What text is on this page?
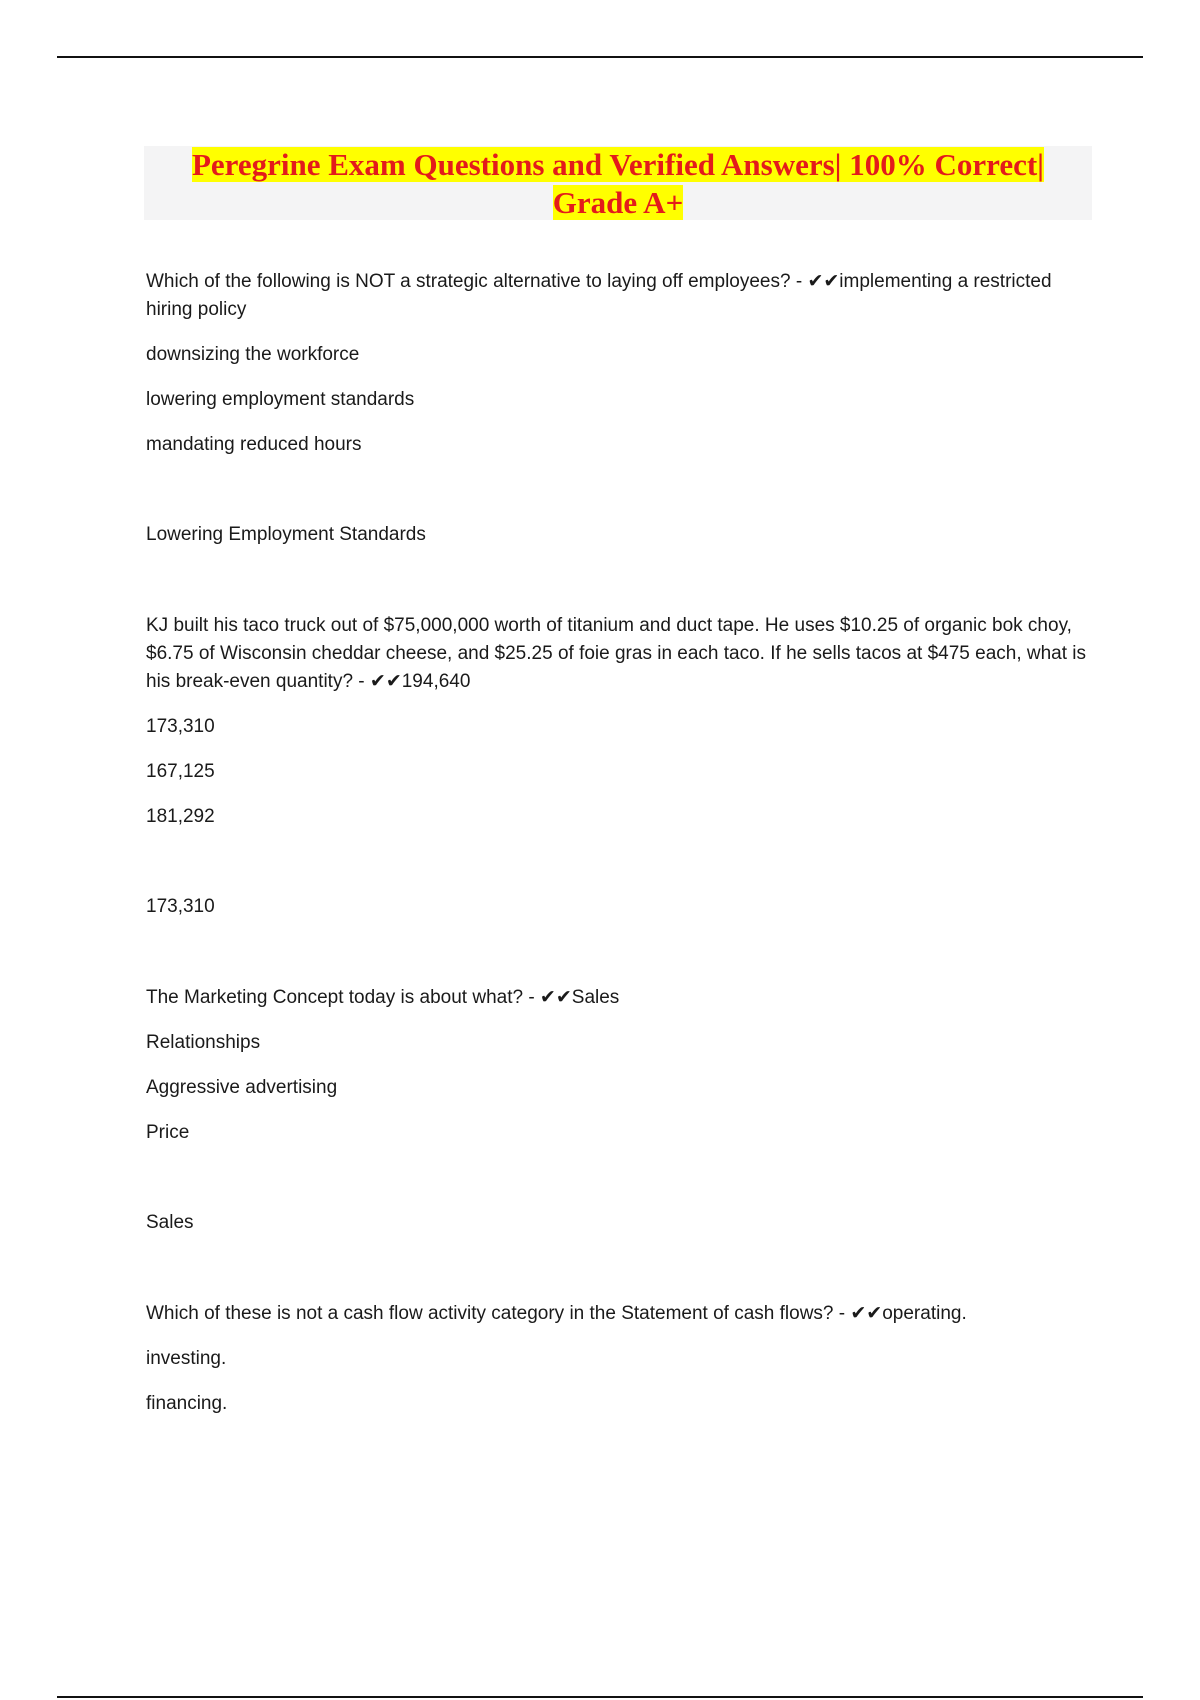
Peregrine Exam Questions and Verified Answers| 100% Correct|
Grade A+

Which of the following is NOT a strategic alternative to laying off employees? - ✔✔implementing a restricted hiring policy

downsizing the workforce

lowering employment standards

mandating reduced hours

Lowering Employment Standards

KJ built his taco truck out of $75,000,000 worth of titanium and duct tape. He uses $10.25 of organic bok choy, $6.75 of Wisconsin cheddar cheese, and $25.25 of foie gras in each taco. If he sells tacos at $475 each, what is his break-even quantity? - ✔✔194,640

173,310

167,125

181,292

173,310

The Marketing Concept today is about what? - ✔✔Sales

Relationships

Aggressive advertising

Price

Sales

Which of these is not a cash flow activity category in the Statement of cash flows? - ✔✔operating.

investing.

financing.
